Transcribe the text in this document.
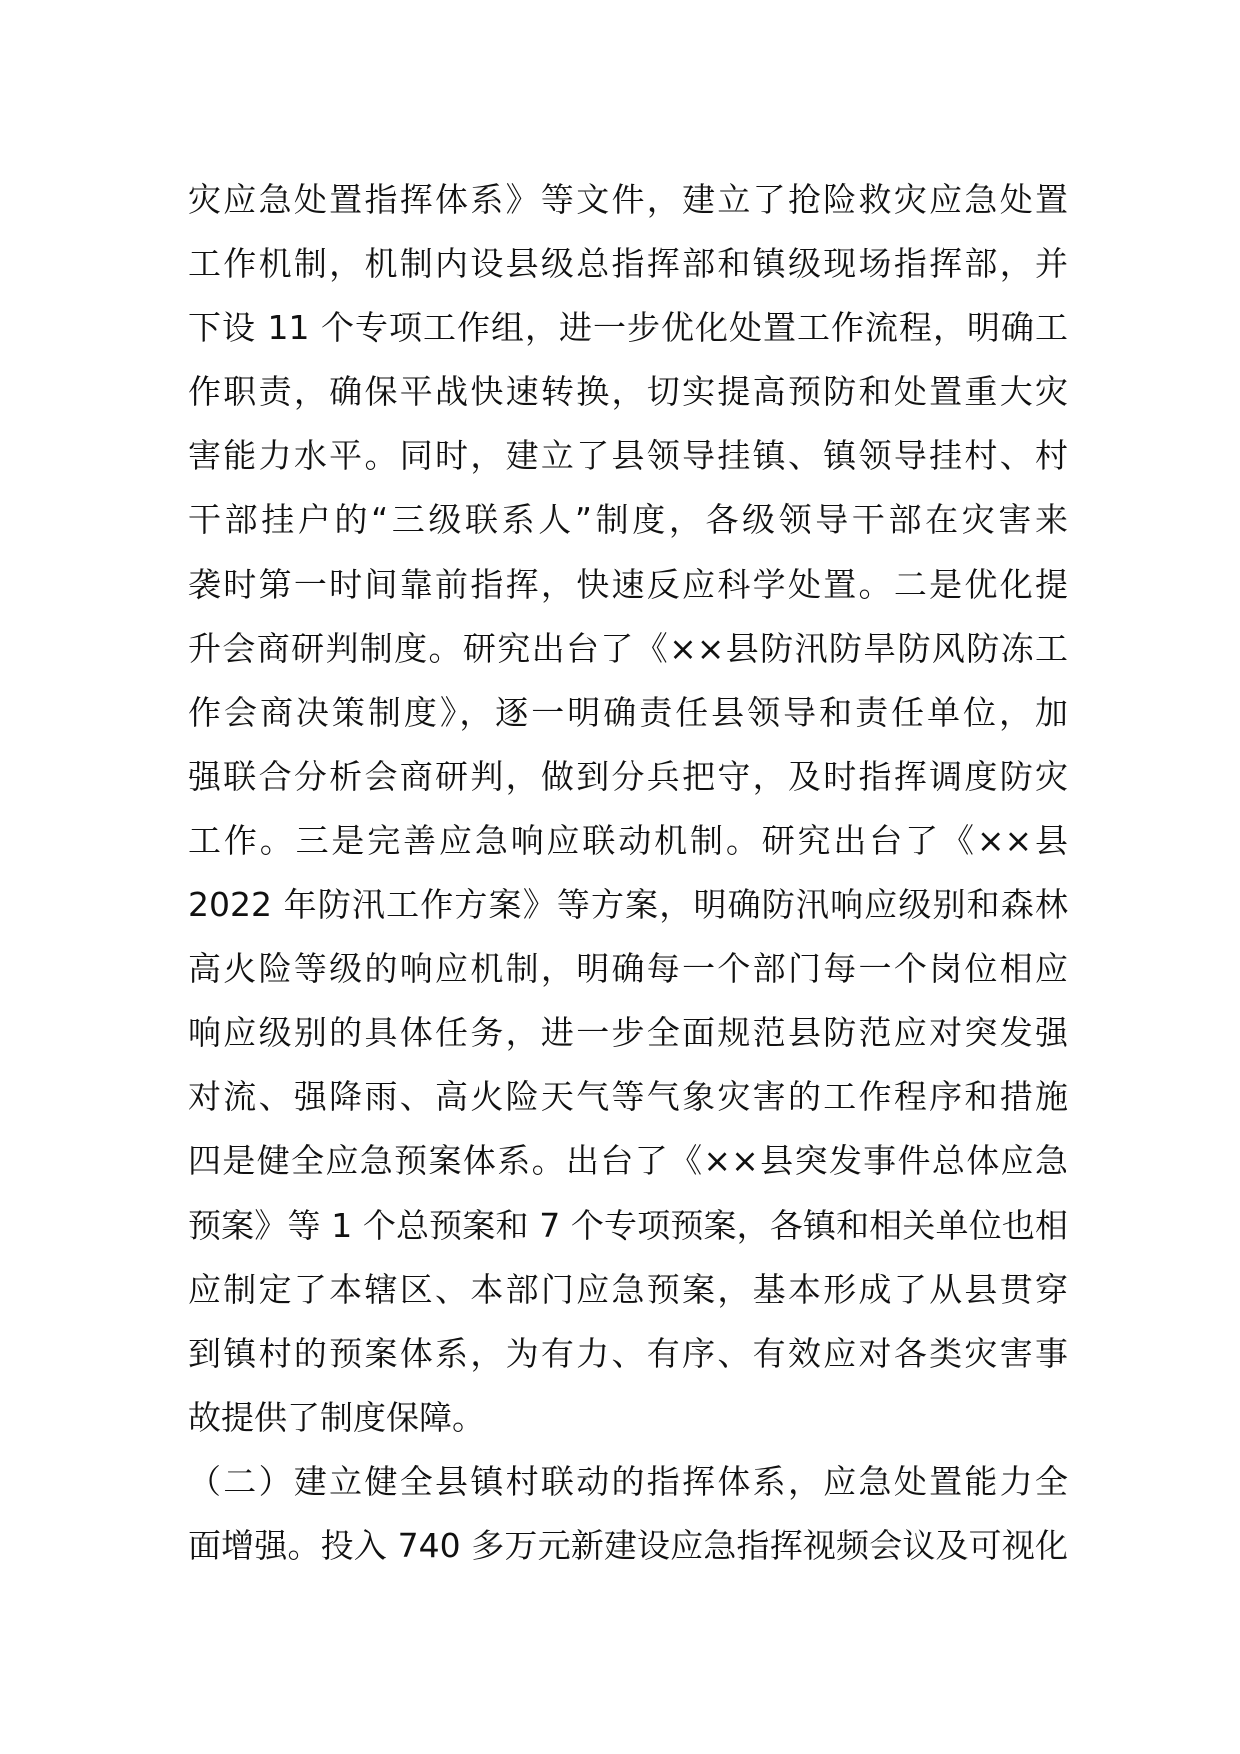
灾应急处置指挥体系》等文件，建立了抢险救灾应急处置
工作机制，机制内设县级总指挥部和镇级现场指挥部，并
下设 11 个专项工作组，进一步优化处置工作流程，明确工
作职责，确保平战快速转换，切实提高预防和处置重大灾
害能力水平。同时，建立了县领导挂镇、镇领导挂村、村
干部挂户的“三级联系人”制度，各级领导干部在灾害来
袭时第一时间靠前指挥，快速反应科学处置。二是优化提
升会商研判制度。研究出台了《××县防汛防旱防风防冻工
作会商决策制度》，逐一明确责任县领导和责任单位，加
强联合分析会商研判，做到分兵把守，及时指挥调度防灾
工作。三是完善应急响应联动机制。研究出台了《××县
2022 年防汛工作方案》等方案，明确防汛响应级别和森林
高火险等级的响应机制，明确每一个部门每一个岗位相应
响应级别的具体任务，进一步全面规范县防范应对突发强
对流、强降雨、高火险天气等气象灾害的工作程序和措施
四是健全应急预案体系。出台了《××县突发事件总体应急
预案》等 1 个总预案和 7 个专项预案，各镇和相关单位也相
应制定了本辖区、本部门应急预案，基本形成了从县贯穿
到镇村的预案体系，为有力、有序、有效应对各类灾害事
故提供了制度保障。
（二）建立健全县镇村联动的指挥体系，应急处置能力全
面增强。投入 740 多万元新建设应急指挥视频会议及可视化
